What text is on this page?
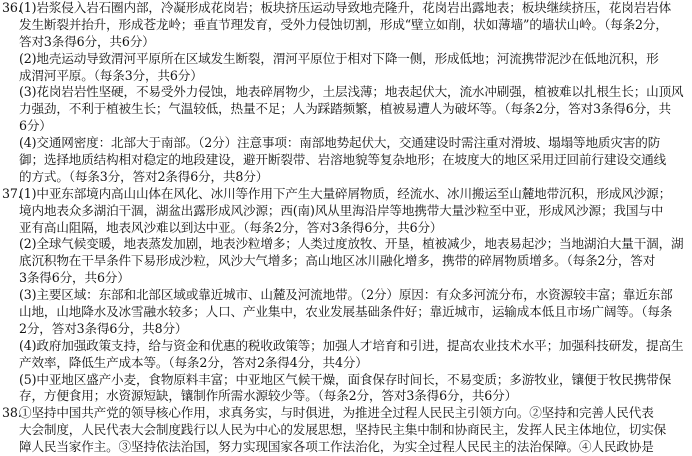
36.
(1)岩浆侵入岩石圈内部，冷凝形成花岗岩；板块挤压运动导致地壳隆升，花岗岩出露地表；板块继续挤压，花岗岩岩体
发生断裂并抬升，形成苍龙岭；垂直节理发育，受外力侵蚀切割，形成“壁立如削，状如薄墙”的墙状山岭。（每条2分，
答对3条得6分，共6分）
(2)地壳运动导致渭河平原所在区域发生断裂，渭河平原位于相对下降一侧，形成低地；河流携带泥沙在低地沉积，形
成渭河平原。（每条3分，共6分）
(3)花岗岩岩性坚硬，不易受外力侵蚀，地表碎屑物少，土层浅薄；地表起伏大，流水冲刷强，植被难以扎根生长；山顶风
力强劲，不利于植被生长；气温较低，热量不足；人为踩踏频繁，植被易遭人为破坏等。（每条2分，答对3条得6分，共
6分）
(4)交通网密度：北部大于南部。（2分）注意事项：南部地势起伏大，交通建设时需注重对滑坡、塌塌等地质灾害的防
御；选择地质结构相对稳定的地段建设，避开断裂带、岩溶地貌等复杂地形；在坡度大的地区采用迂回前行建设交通线
的方式。（每条3分，答对2条得6分，共8分）
37.
(1)中亚东部境内高山山体在风化、冰川等作用下产生大量碎屑物质，经流水、冰川搬运至山麓地带沉积，形成风沙源；
境内地表众多湖泊干涸，湖盆出露形成风沙源；西(南)风从里海沿岸等地携带大量沙粒至中亚，形成风沙源；我国与中
亚有高山阻隔，地表风沙难以到达中亚。（每条2分，答对3条得6分，共6分）
(2)全球气候变暖，地表蒸发加剧，地表沙粒增多；人类过度放牧、开垦，植被减少，地表易起沙；当地湖泊大量干涸，湖
底沉积物在干旱条件下易形成沙粒，风沙大气增多；高山地区冰川融化增多，携带的碎屑物质增多。（每条2分，答对
3条得6分，共6分）
(3)主要区域：东部和北部区域或靠近城市、山麓及河流地带。（2分）原因：有众多河流分布，水资源较丰富；靠近东部
山地，山地降水及冰雪融水较多；人口、产业集中，农业发展基础条件好；靠近城市，运输成本低且市场广阔等。（每条
2分，答对3条得6分，共8分）
(4)政府加强政策支持，给与资金和优惠的税收政策等；加强人才培育和引进，提高农业技术水平；加强科技研发，提高生
产效率，降低生产成本等。（每条2分，答对2条得4分，共4分）
(5)中亚地区盛产小麦，食物原料丰富；中亚地区气候干燥，面食保存时间长，不易变质；多游牧业，镶便于牧民携带保
存，方便食用；水资源短缺，镶制作所需水源较少等。（每条2分，答对3条得6分，共6分）
38.
①坚持中国共产党的领导核心作用，求真务实，与时俱进，为推进全过程人民民主引领方向。②坚持和完善人民代表
大会制度，人民代表大会制度践行以人民为中心的发展思想，坚持民主集中制和协商民主，发挥人民主体地位，切实保
障人民当家作主。③坚持依法治国，努力实现国家各项工作法治化，为实全过程人民民主的法治保障。④人民政协是
